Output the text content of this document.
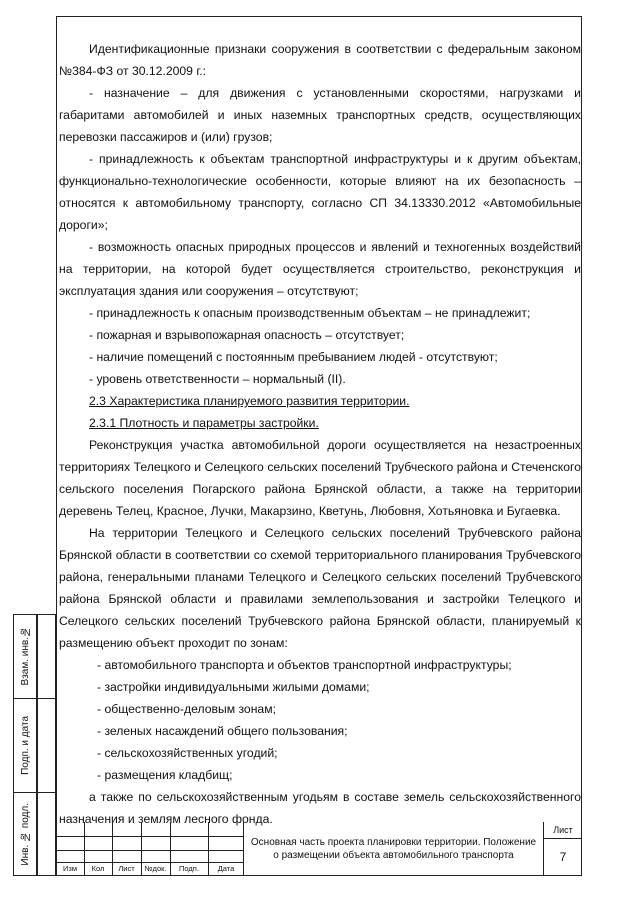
Взам. инв.№
Подп. и дата
Инв. № подл.

Идентификационные признаки сооружения в соответствии с федеральным законом №384-ФЗ от 30.12.2009 г.:

- назначение – для движения с установленными скоростями, нагрузками и габаритами автомобилей и иных наземных транспортных средств, осуществляющих перевозки пассажиров и (или) грузов;

- принадлежность к объектам транспортной инфраструктуры и к другим объектам, функционально-технологические особенности, которые влияют на их безопасность – относятся к автомобильному транспорту, согласно СП 34.13330.2012 «Автомобильные дороги»;

- возможность опасных природных процессов и явлений и техногенных воздействий на территории, на которой будет осуществляется строительство, реконструкция и эксплуатация здания или сооружения – отсутствуют;

- принадлежность к опасным производственным объектам – не принадлежит;

- пожарная и взрывопожарная опасность – отсутствует;

- наличие помещений с постоянным пребыванием людей - отсутствуют;

- уровень ответственности – нормальный (II).

2.3 Характеристика планируемого развития территории.

2.3.1 Плотность и параметры застройки.

Реконструкция участка автомобильной дороги осуществляется на незастроенных территориях Телецкого и Селецкого сельских поселений Трубческого района и Стеченского сельского поселения Погарского района Брянской области, а также на территории деревень Телец, Красное, Лучки, Макарзино, Кветунь, Любовня, Хотьяновка и Бугаевка.

На территории Телецкого и Селецкого сельских поселений Трубчевского района Брянской области в соответствии со схемой территориального планирования Трубчевского района, генеральными планами Телецкого и Селецкого сельских поселений Трубчевского района Брянской области и правилами землепользования и застройки Телецкого и Селецкого сельских поселений Трубчевского района Брянской области, планируемый к размещению объект проходит по зонам:

- автомобильного транспорта и объектов транспортной инфраструктуры;

- застройки индивидуальными жилыми домами;

- общественно-деловым зонам;

- зеленых насаждений общего пользования;

- сельскохозяйственных угодий;

- размещения кладбищ;

а также по сельскохозяйственным угодьям в составе земель сельскохозяйственного назначения и землям лесного фонда.

Изм	Кол	Лист	№док.	Подп.	Дата
Основная часть проекта планировки территории. Положение о размещении объекта автомобильного транспорта
Лист
7
